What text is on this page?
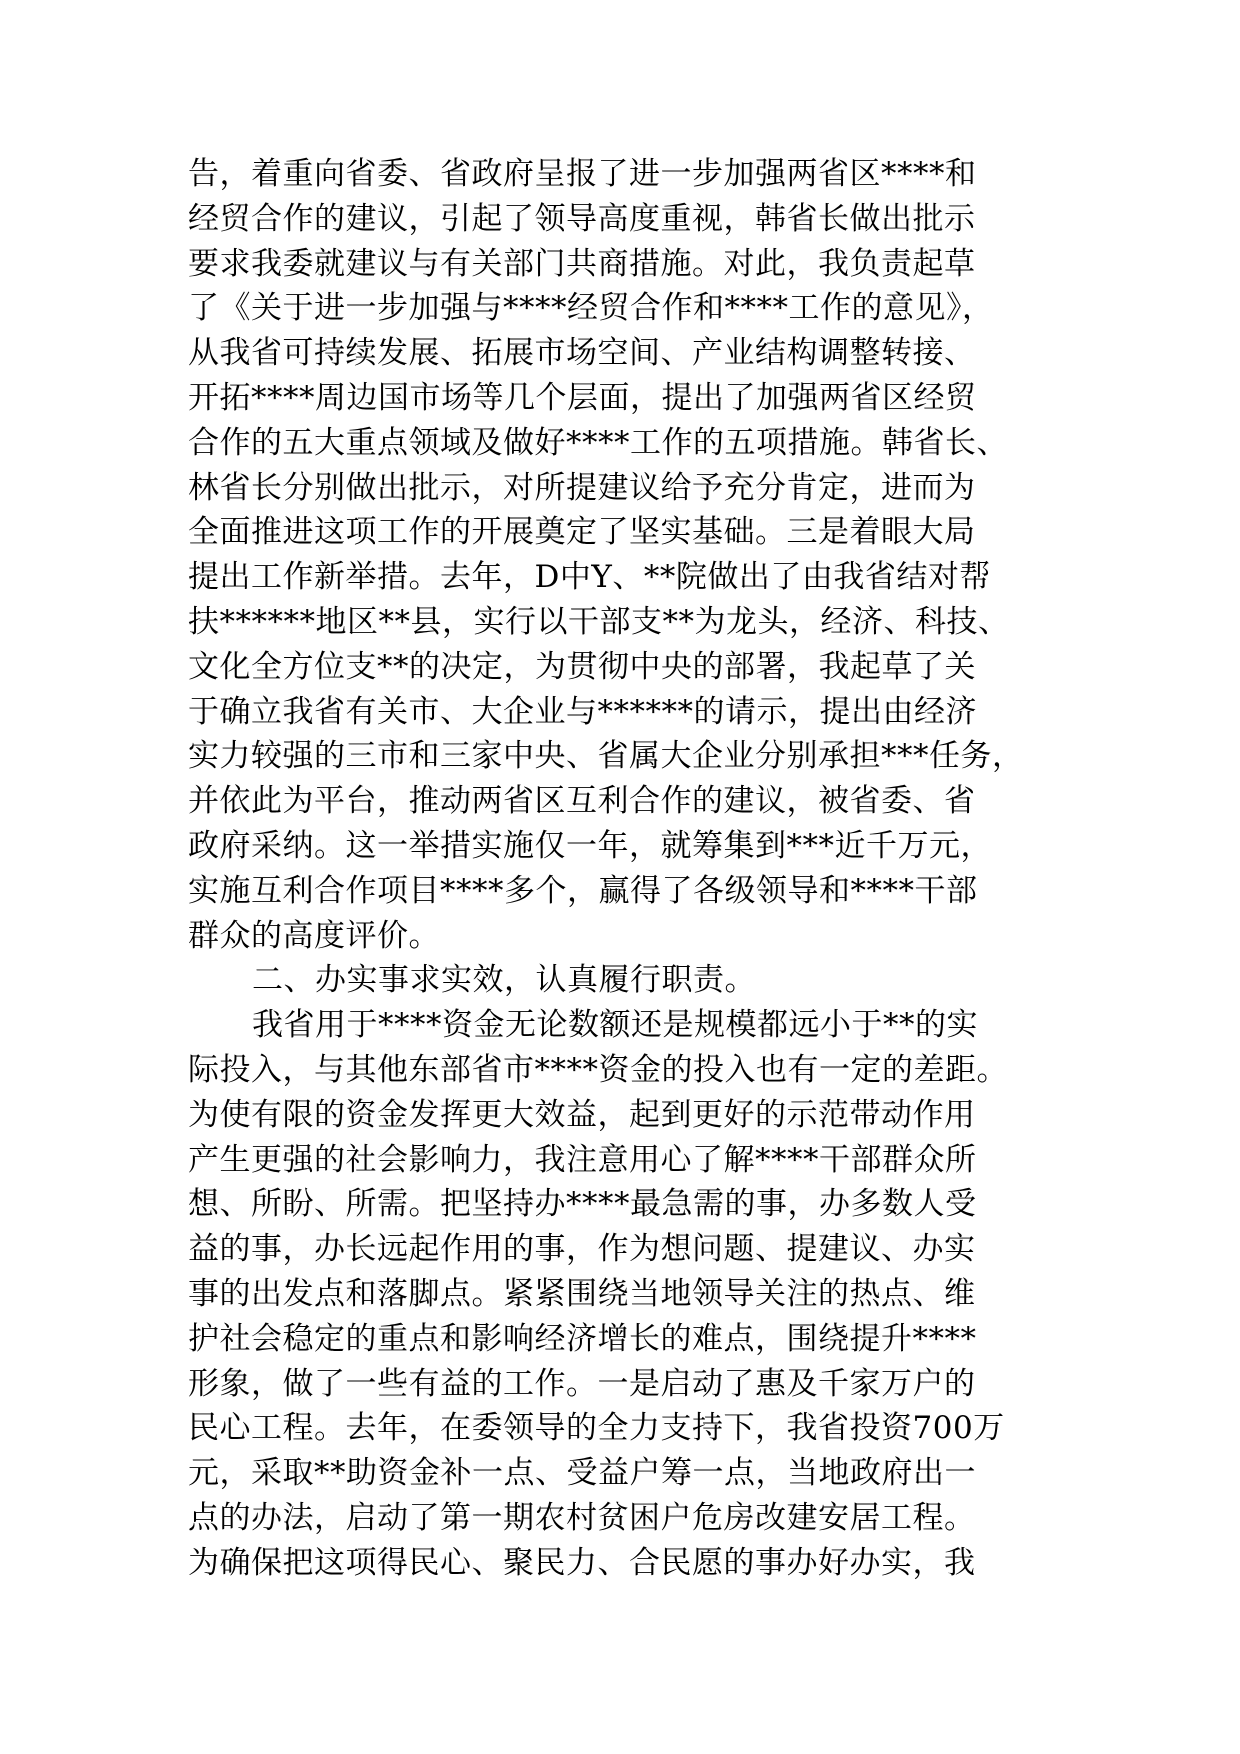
告，着重向省委、省政府呈报了进一步加强两省区****和
经贸合作的建议，引起了领导高度重视，韩省长做出批示
要求我委就建议与有关部门共商措施。对此，我负责起草
了《关于进一步加强与****经贸合作和****工作的意见》，
从我省可持续发展、拓展市场空间、产业结构调整转接、
开拓****周边国市场等几个层面，提出了加强两省区经贸
合作的五大重点领域及做好****工作的五项措施。韩省长、
林省长分别做出批示，对所提建议给予充分肯定，进而为
全面推进这项工作的开展奠定了坚实基础。三是着眼大局
提出工作新举措。去年，D中Y、**院做出了由我省结对帮
扶******地区**县，实行以干部支**为龙头，经济、科技、
文化全方位支**的决定，为贯彻中央的部署，我起草了关
于确立我省有关市、大企业与******的请示，提出由经济
实力较强的三市和三家中央、省属大企业分别承担***任务，
并依此为平台，推动两省区互利合作的建议，被省委、省
政府采纳。这一举措实施仅一年，就筹集到***近千万元，
实施互利合作项目****多个，赢得了各级领导和****干部
群众的高度评价。
二、办实事求实效，认真履行职责。
我省用于****资金无论数额还是规模都远小于**的实
际投入，与其他东部省市****资金的投入也有一定的差距。
为使有限的资金发挥更大效益，起到更好的示范带动作用
产生更强的社会影响力，我注意用心了解****干部群众所
想、所盼、所需。把坚持办****最急需的事，办多数人受
益的事，办长远起作用的事，作为想问题、提建议、办实
事的出发点和落脚点。紧紧围绕当地领导关注的热点、维
护社会稳定的重点和影响经济增长的难点，围绕提升****
形象，做了一些有益的工作。一是启动了惠及千家万户的
民心工程。去年，在委领导的全力支持下，我省投资700万
元，采取**助资金补一点、受益户筹一点，当地政府出一
点的办法，启动了第一期农村贫困户危房改建安居工程。
为确保把这项得民心、聚民力、合民愿的事办好办实，我
